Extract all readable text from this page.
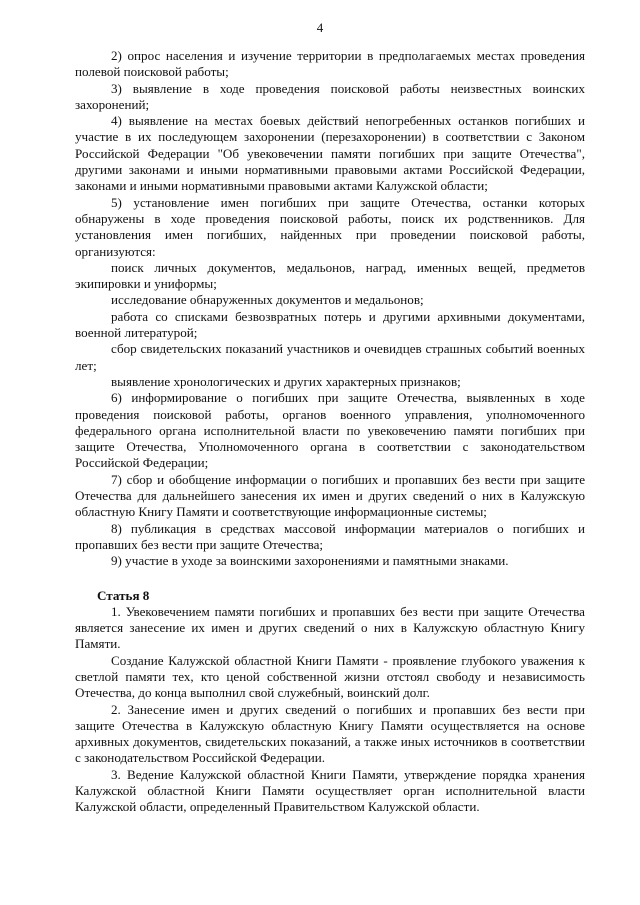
4

2) опрос населения и изучение территории в предполагаемых местах проведения полевой поисковой работы;

3) выявление в ходе проведения поисковой работы неизвестных воинских захоронений;

4) выявление на местах боевых действий непогребенных останков погибших и участие в их последующем захоронении (перезахоронении) в соответствии с Законом Российской Федерации "Об увековечении памяти погибших при защите Отечества", другими законами и иными нормативными правовыми актами Российской Федерации, законами и иными нормативными правовыми актами Калужской области;

5) установление имен погибших при защите Отечества, останки которых обнаружены в ходе проведения поисковой работы, поиск их родственников. Для установления имен погибших, найденных при проведении поисковой работы, организуются:

поиск личных документов, медальонов, наград, именных вещей, предметов экипировки и униформы;

исследование обнаруженных документов и медальонов;

работа со списками безвозвратных потерь и другими архивными документами, военной литературой;

сбор свидетельских показаний участников и очевидцев страшных событий военных лет;

выявление хронологических и других характерных признаков;

6) информирование о погибших при защите Отечества, выявленных в ходе проведения поисковой работы, органов военного управления, уполномоченного федерального органа исполнительной власти по увековечению памяти погибших при защите Отечества, Уполномоченного органа в соответствии с законодательством Российской Федерации;

7) сбор и обобщение информации о погибших и пропавших без вести при защите Отечества для дальнейшего занесения их имен и других сведений о них в Калужскую областную Книгу Памяти и соответствующие информационные системы;

8) публикация в средствах массовой информации материалов о погибших и пропавших без вести при защите Отечества;

9) участие в уходе за воинскими захоронениями и памятными знаками.

Статья 8

1. Увековечением памяти погибших и пропавших без вести при защите Отечества является занесение их имен и других сведений о них в Калужскую областную Книгу Памяти.

Создание Калужской областной Книги Памяти - проявление глубокого уважения к светлой памяти тех, кто ценой собственной жизни отстоял свободу и независимость Отечества, до конца выполнил свой служебный, воинский долг.

2. Занесение имен и других сведений о погибших и пропавших без вести при защите Отечества в Калужскую областную Книгу Памяти осуществляется на основе архивных документов, свидетельских показаний, а также иных источников в соответствии с законодательством Российской Федерации.

3. Ведение Калужской областной Книги Памяти, утверждение порядка хранения Калужской областной Книги Памяти осуществляет орган исполнительной власти Калужской области, определенный Правительством Калужской области.
